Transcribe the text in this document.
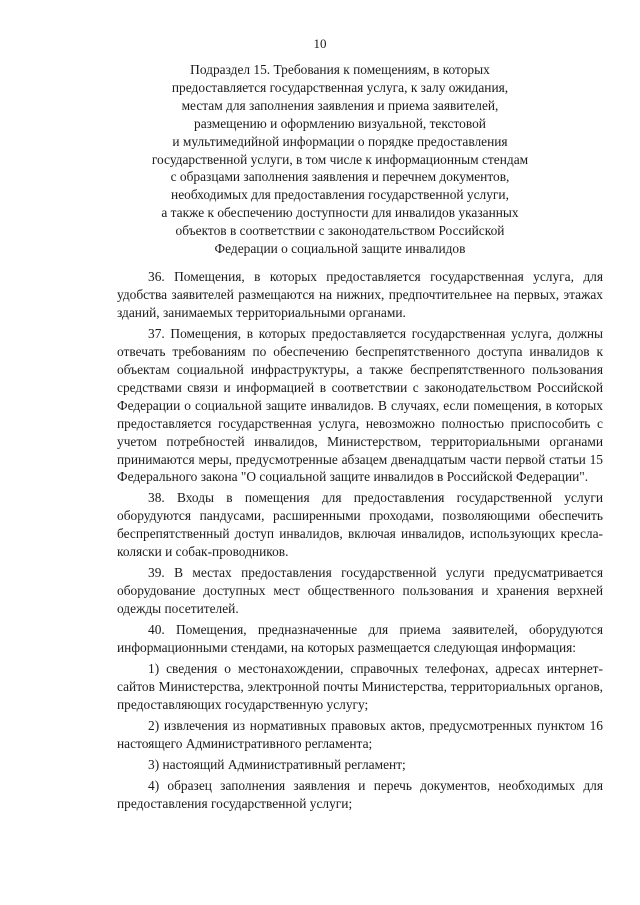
10
Подраздел 15. Требования к помещениям, в которых
предоставляется государственная услуга, к залу ожидания,
местам для заполнения заявления и приема заявителей,
размещению и оформлению визуальной, текстовой
и мультимедийной информации о порядке предоставления
государственной услуги, в том числе к информационным стендам
с образцами заполнения заявления и перечнем документов,
необходимых для предоставления государственной услуги,
а также к обеспечению доступности для инвалидов указанных
объектов в соответствии с законодательством Российской
Федерации о социальной защите инвалидов

36. Помещения, в которых предоставляется государственная услуга, для удобства заявителей размещаются на нижних, предпочтительнее на первых, этажах зданий, занимаемых территориальными органами.

37. Помещения, в которых предоставляется государственная услуга, должны отвечать требованиям по обеспечению беспрепятственного доступа инвалидов к объектам социальной инфраструктуры, а также беспрепятственного пользования средствами связи и информацией в соответствии с законодательством Российской Федерации о социальной защите инвалидов. В случаях, если помещения, в которых предоставляется государственная услуга, невозможно полностью приспособить с учетом потребностей инвалидов, Министерством, территориальными органами принимаются меры, предусмотренные абзацем двенадцатым части первой статьи 15 Федерального закона "О социальной защите инвалидов в Российской Федерации".

38. Входы в помещения для предоставления государственной услуги оборудуются пандусами, расширенными проходами, позволяющими обеспечить беспрепятственный доступ инвалидов, включая инвалидов, использующих кресла-коляски и собак-проводников.

39. В местах предоставления государственной услуги предусматривается оборудование доступных мест общественного пользования и хранения верхней одежды посетителей.

40. Помещения, предназначенные для приема заявителей, оборудуются информационными стендами, на которых размещается следующая информация:

1) сведения о местонахождении, справочных телефонах, адресах интернет-сайтов Министерства, электронной почты Министерства, территориальных органов, предоставляющих государственную услугу;

2) извлечения из нормативных правовых актов, предусмотренных пунктом 16 настоящего Административного регламента;

3) настоящий Административный регламент;

4) образец заполнения заявления и перечь документов, необходимых для предоставления государственной услуги;
